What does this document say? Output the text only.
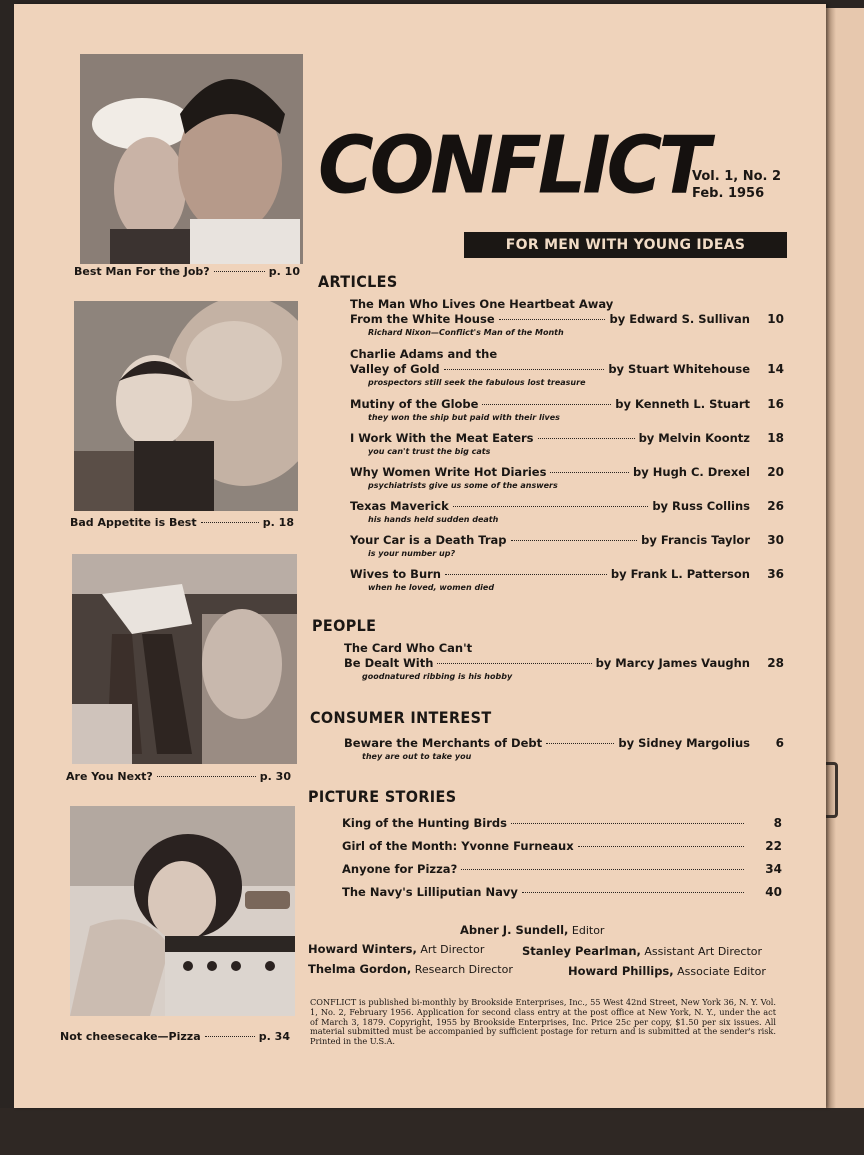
Best Man For the Job?	p. 10
Bad Appetite is Best	p. 18
Are You Next?	p. 30
Not cheesecake—Pizza	p. 34
CONFLICT
Vol. 1, No. 2
Feb. 1956
FOR MEN WITH YOUNG IDEAS
ARTICLES
The Man Who Lives One Heartbeat Away
From the White House	by Edward S. Sullivan	10
Richard Nixon—Conflict's Man of the Month
Charlie Adams and the
Valley of Gold	by Stuart Whitehouse	14
prospectors still seek the fabulous lost treasure
Mutiny of the Globe	by Kenneth L. Stuart	16
they won the ship but paid with their lives
I Work With the Meat Eaters	by Melvin Koontz	18
you can't trust the big cats
Why Women Write Hot Diaries	by Hugh C. Drexel	20
psychiatrists give us some of the answers
Texas Maverick	by Russ Collins	26
his hands held sudden death
Your Car is a Death Trap	by Francis Taylor	30
is your number up?
Wives to Burn	by Frank L. Patterson	36
when he loved, women died
PEOPLE
The Card Who Can't
Be Dealt With	by Marcy James Vaughn	28
goodnatured ribbing is his hobby
CONSUMER INTEREST
Beware the Merchants of Debt	by Sidney Margolius	6
they are out to take you
PICTURE STORIES
King of the Hunting Birds	8
Girl of the Month: Yvonne Furneaux	22
Anyone for Pizza?	34
The Navy's Lilliputian Navy	40
Abner J. Sundell, Editor
Howard Winters, Art Director	Stanley Pearlman, Assistant Art Director
Thelma Gordon, Research Director	Howard Phillips, Associate Editor
CONFLICT is published bi-monthly by Brookside Enterprises, Inc., 55 West 42nd Street, New York 36, N. Y. Vol. 1, No. 2, February 1956. Application for second class entry at the post office at New York, N. Y., under the act of March 3, 1879. Copyright, 1955 by Brookside Enterprises, Inc. Price 25c per copy, $1.50 per six issues. All material submitted must be accompanied by sufficient postage for return and is submitted at the sender's risk. Printed in the U.S.A.
